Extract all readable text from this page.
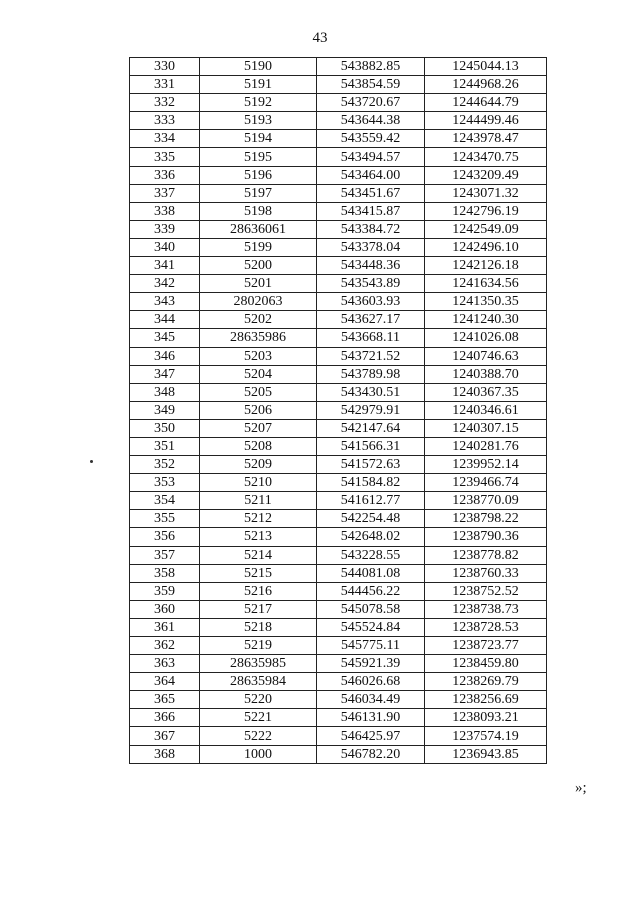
43
330	5190	543882.85	1245044.13
331	5191	543854.59	1244968.26
332	5192	543720.67	1244644.79
333	5193	543644.38	1244499.46
334	5194	543559.42	1243978.47
335	5195	543494.57	1243470.75
336	5196	543464.00	1243209.49
337	5197	543451.67	1243071.32
338	5198	543415.87	1242796.19
339	28636061	543384.72	1242549.09
340	5199	543378.04	1242496.10
341	5200	543448.36	1242126.18
342	5201	543543.89	1241634.56
343	2802063	543603.93	1241350.35
344	5202	543627.17	1241240.30
345	28635986	543668.11	1241026.08
346	5203	543721.52	1240746.63
347	5204	543789.98	1240388.70
348	5205	543430.51	1240367.35
349	5206	542979.91	1240346.61
350	5207	542147.64	1240307.15
351	5208	541566.31	1240281.76
352	5209	541572.63	1239952.14
353	5210	541584.82	1239466.74
354	5211	541612.77	1238770.09
355	5212	542254.48	1238798.22
356	5213	542648.02	1238790.36
357	5214	543228.55	1238778.82
358	5215	544081.08	1238760.33
359	5216	544456.22	1238752.52
360	5217	545078.58	1238738.73
361	5218	545524.84	1238728.53
362	5219	545775.11	1238723.77
363	28635985	545921.39	1238459.80
364	28635984	546026.68	1238269.79
365	5220	546034.49	1238256.69
366	5221	546131.90	1238093.21
367	5222	546425.97	1237574.19
368	1000	546782.20	1236943.85
»;
